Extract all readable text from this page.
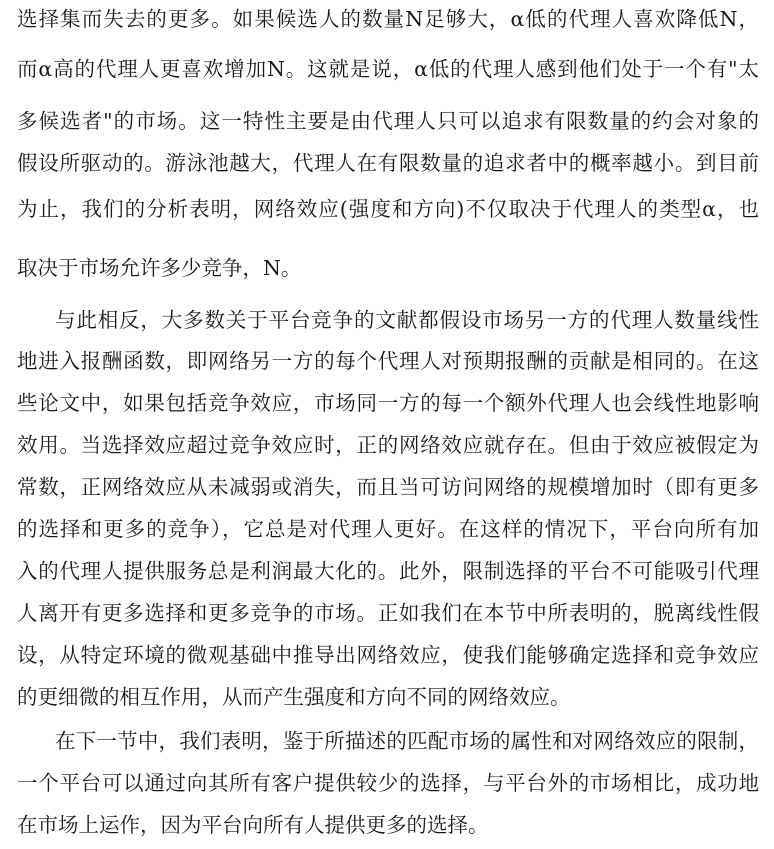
选择集而失去的更多。如果候选人的数量N足够大，α低的代理人喜欢降低N，
而α高的代理人更喜欢增加N。这就是说，α低的代理人感到他们处于一个有"太
多候选者"的市场。这一特性主要是由代理人只可以追求有限数量的约会对象的
假设所驱动的。游泳池越大，代理人在有限数量的追求者中的概率越小。到目前
为止，我们的分析表明，网络效应(强度和方向)不仅取决于代理人的类型α，也
取决于市场允许多少竞争，N。
与此相反，大多数关于平台竞争的文献都假设市场另一方的代理人数量线性
地进入报酬函数，即网络另一方的每个代理人对预期报酬的贡献是相同的。在这
些论文中，如果包括竞争效应，市场同一方的每一个额外代理人也会线性地影响
效用。当选择效应超过竞争效应时，正的网络效应就存在。但由于效应被假定为
常数，正网络效应从未减弱或消失，而且当可访问网络的规模增加时（即有更多
的选择和更多的竞争），它总是对代理人更好。在这样的情况下，平台向所有加
入的代理人提供服务总是利润最大化的。此外，限制选择的平台不可能吸引代理
人离开有更多选择和更多竞争的市场。正如我们在本节中所表明的，脱离线性假
设，从特定环境的微观基础中推导出网络效应，使我们能够确定选择和竞争效应
的更细微的相互作用，从而产生强度和方向不同的网络效应。
在下一节中，我们表明，鉴于所描述的匹配市场的属性和对网络效应的限制，
一个平台可以通过向其所有客户提供较少的选择，与平台外的市场相比，成功地
在市场上运作，因为平台向所有人提供更多的选择。
